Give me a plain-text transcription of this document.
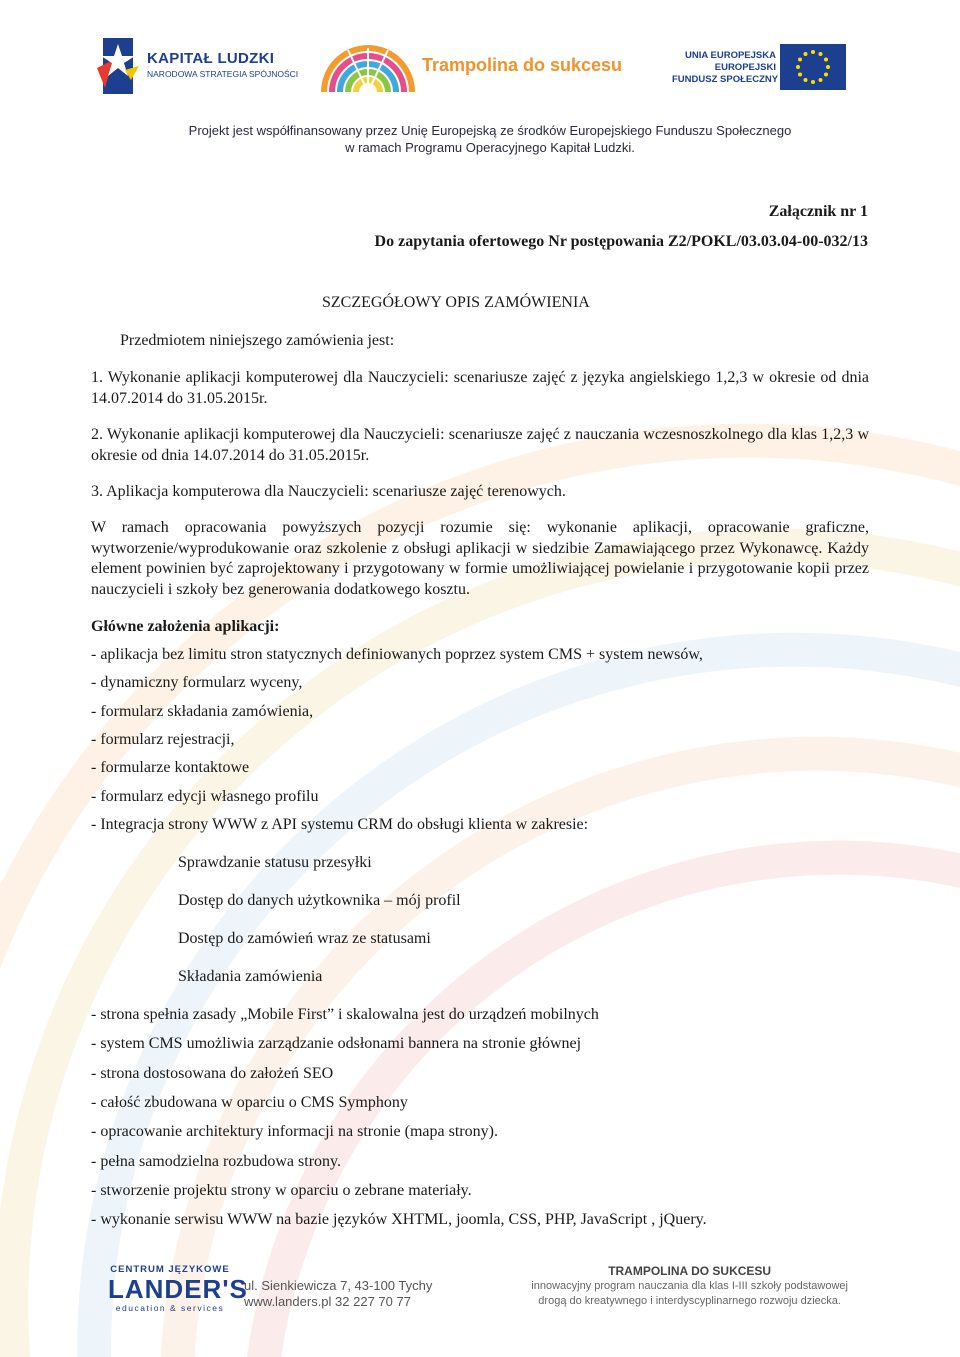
KAPITAŁ LUDZKI
NARODOWA STRATEGIA SPÓJNOŚCI	Trampolina do sukcesu	UNIA EUROPEJSKA
EUROPEJSKI
FUNDUSZ SPOŁECZNY
Projekt jest współfinansowany przez Unię Europejską ze środków Europejskiego Funduszu Społecznego
w ramach Programu Operacyjnego Kapitał Ludzki.
Załącznik nr 1
Do zapytania ofertowego Nr postępowania Z2/POKL/03.03.04-00-032/13
SZCZEGÓŁOWY OPIS ZAMÓWIENIA
Przedmiotem niniejszego zamówienia jest:
1. Wykonanie aplikacji komputerowej dla Nauczycieli: scenariusze zajęć z języka angielskiego 1,2,3 w okresie od dnia 14.07.2014 do 31.05.2015r.
2. Wykonanie aplikacji komputerowej dla Nauczycieli: scenariusze zajęć z nauczania wczesnoszkolnego dla klas 1,2,3 w okresie od dnia 14.07.2014 do 31.05.2015r.
3. Aplikacja komputerowa dla Nauczycieli: scenariusze zajęć terenowych.
W ramach opracowania powyższych pozycji rozumie się: wykonanie aplikacji, opracowanie graficzne, wytworzenie/wyprodukowanie oraz szkolenie z obsługi aplikacji w siedzibie Zamawiającego przez Wykonawcę. Każdy element powinien być zaprojektowany i przygotowany w formie umożliwiającej powielanie i przygotowanie kopii przez nauczycieli i szkoły bez generowania dodatkowego kosztu.
Główne założenia aplikacji:
- aplikacja bez limitu stron statycznych definiowanych poprzez system CMS + system newsów,
- dynamiczny formularz wyceny,
- formularz składania zamówienia,
- formularz rejestracji,
- formularze kontaktowe
- formularz edycji własnego profilu
- Integracja strony WWW z API systemu CRM do obsługi klienta w zakresie:
Sprawdzanie statusu przesyłki
Dostęp do danych użytkownika – mój profil
Dostęp do zamówień wraz ze statusami
Składania zamówienia
- strona spełnia zasady „Mobile First” i skalowalna jest do urządzeń mobilnych
- system CMS umożliwia zarządzanie odsłonami bannera na stronie głównej
- strona dostosowana do założeń SEO
- całość zbudowana w oparciu o CMS Symphony
- opracowanie architektury informacji na stronie (mapa strony).
- pełna samodzielna rozbudowa strony.
- stworzenie projektu strony w oparciu o zebrane materiały.
- wykonanie serwisu WWW na bazie języków XHTML, joomla, CSS, PHP, JavaScript , jQuery.
CENTRUM JĘZYKOWE
LANDER'S
education & services
ul. Sienkiewicza 7, 43-100 Tychy
www.landers.pl 32 227 70 77
TRAMPOLINA DO SUKCESU
innowacyjny program nauczania dla klas I-III szkoły podstawowej
drogą do kreatywnego i interdyscyplinarnego rozwoju dziecka.
